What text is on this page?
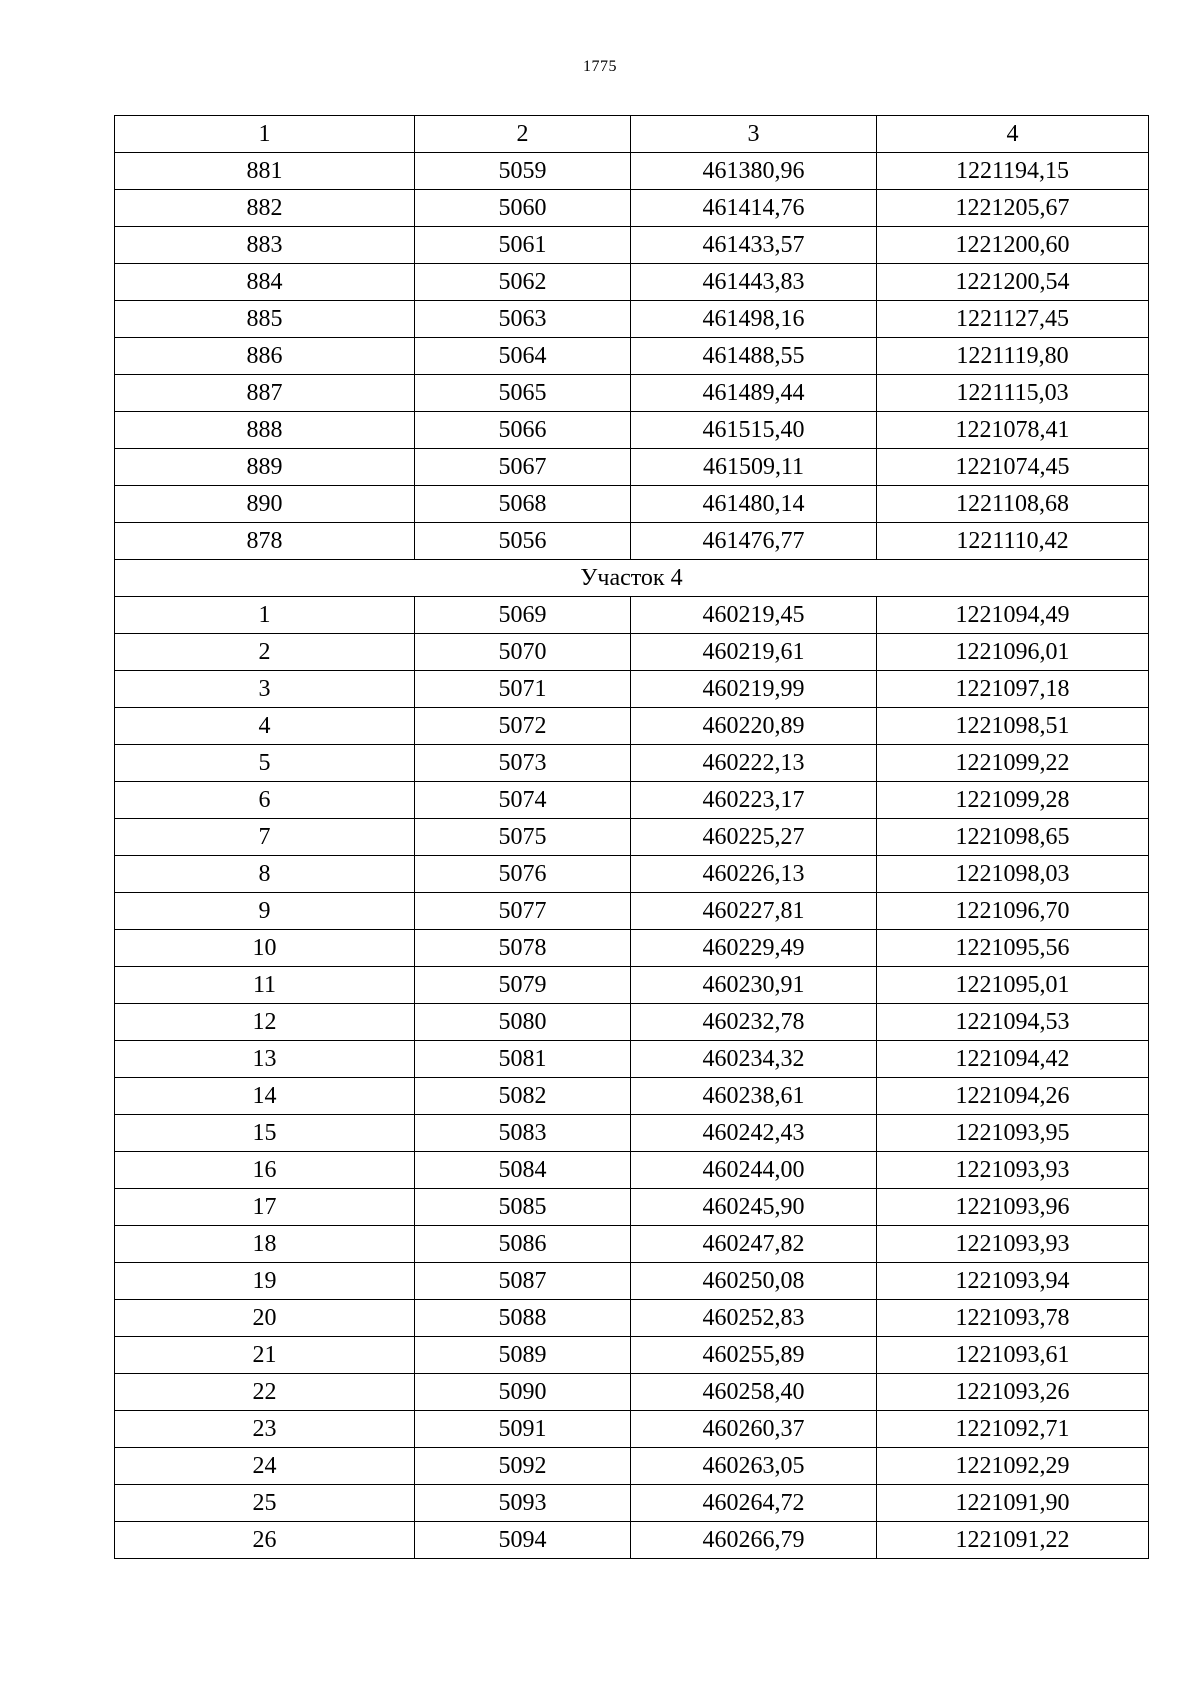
1775
1	2	3	4
881	5059	461380,96	1221194,15
882	5060	461414,76	1221205,67
883	5061	461433,57	1221200,60
884	5062	461443,83	1221200,54
885	5063	461498,16	1221127,45
886	5064	461488,55	1221119,80
887	5065	461489,44	1221115,03
888	5066	461515,40	1221078,41
889	5067	461509,11	1221074,45
890	5068	461480,14	1221108,68
878	5056	461476,77	1221110,42
Участок 4			
1	5069	460219,45	1221094,49
2	5070	460219,61	1221096,01
3	5071	460219,99	1221097,18
4	5072	460220,89	1221098,51
5	5073	460222,13	1221099,22
6	5074	460223,17	1221099,28
7	5075	460225,27	1221098,65
8	5076	460226,13	1221098,03
9	5077	460227,81	1221096,70
10	5078	460229,49	1221095,56
11	5079	460230,91	1221095,01
12	5080	460232,78	1221094,53
13	5081	460234,32	1221094,42
14	5082	460238,61	1221094,26
15	5083	460242,43	1221093,95
16	5084	460244,00	1221093,93
17	5085	460245,90	1221093,96
18	5086	460247,82	1221093,93
19	5087	460250,08	1221093,94
20	5088	460252,83	1221093,78
21	5089	460255,89	1221093,61
22	5090	460258,40	1221093,26
23	5091	460260,37	1221092,71
24	5092	460263,05	1221092,29
25	5093	460264,72	1221091,90
26	5094	460266,79	1221091,22
